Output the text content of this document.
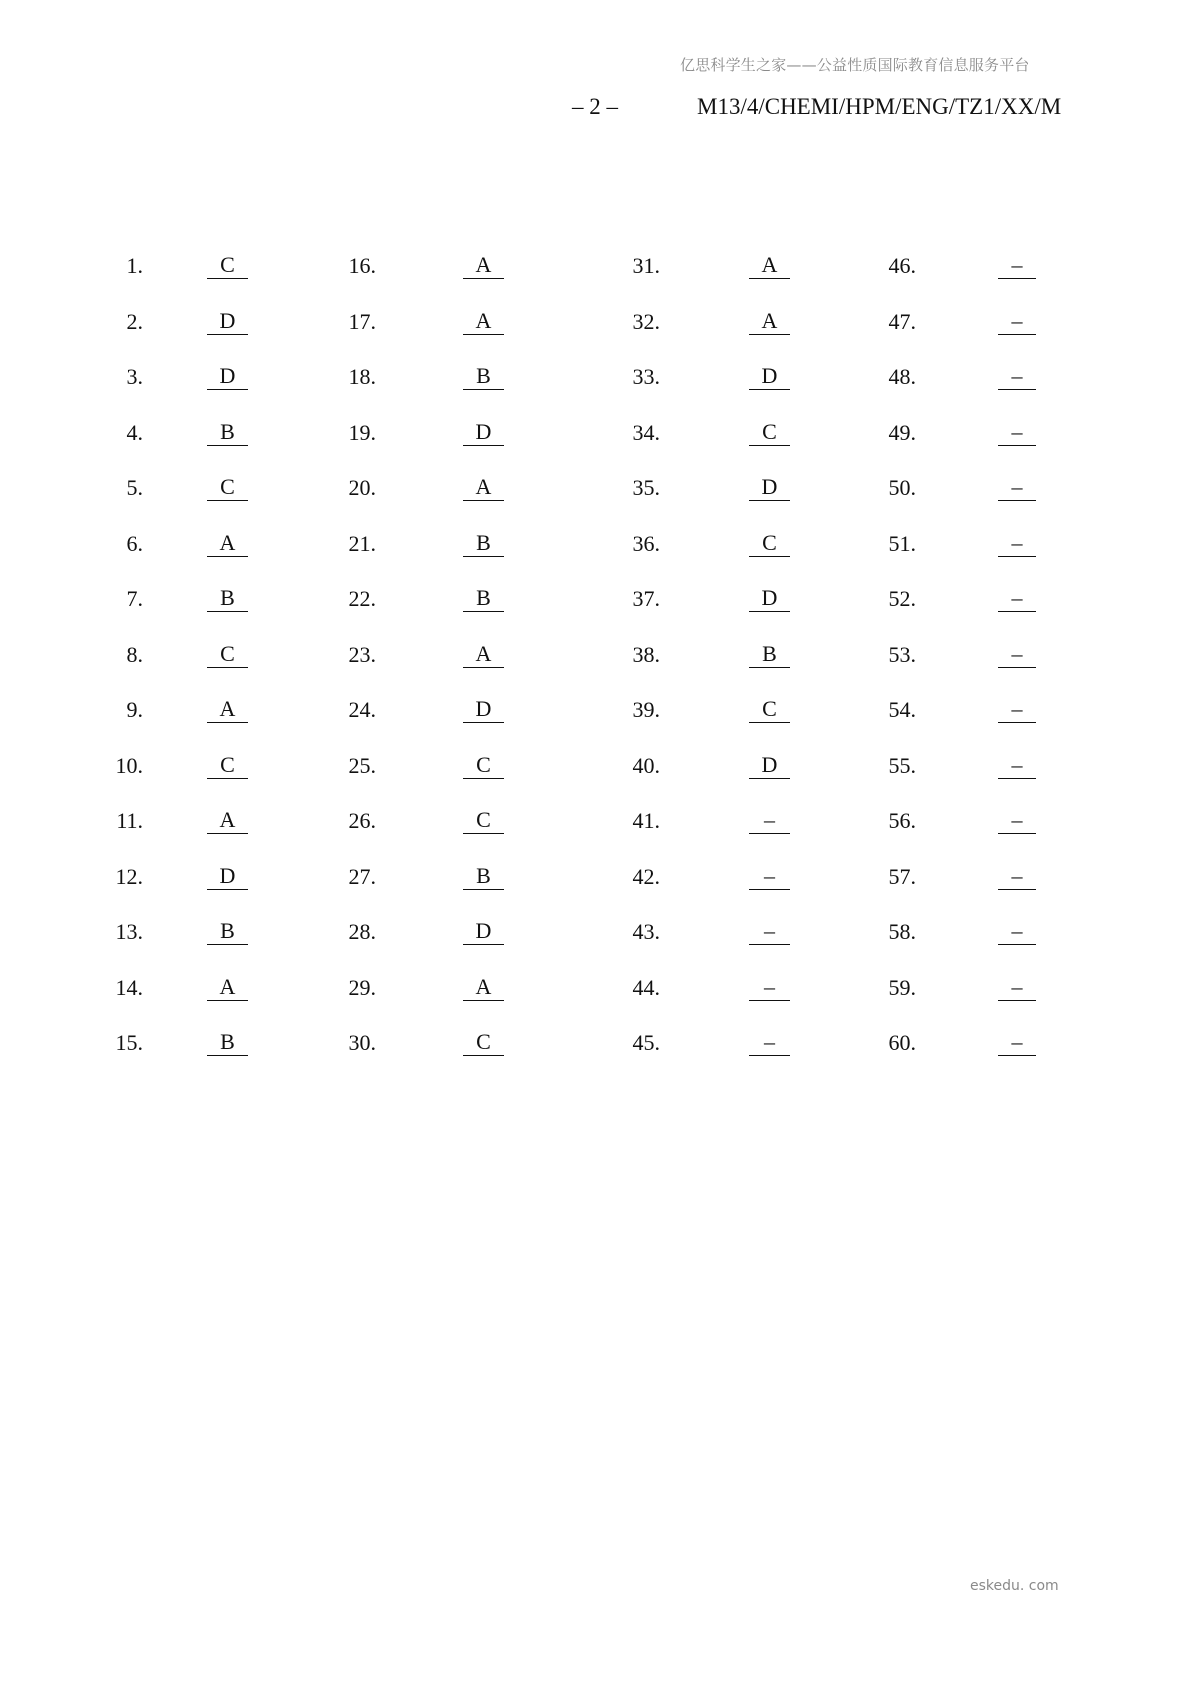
亿思科学生之家——公益性质国际教育信息服务平台
– 2 –	M13/4/CHEMI/HPM/ENG/TZ1/XX/M
1.	C	16.	A	31.	A	46.	–
2.	D	17.	A	32.	A	47.	–
3.	D	18.	B	33.	D	48.	–
4.	B	19.	D	34.	C	49.	–
5.	C	20.	A	35.	D	50.	–
6.	A	21.	B	36.	C	51.	–
7.	B	22.	B	37.	D	52.	–
8.	C	23.	A	38.	B	53.	–
9.	A	24.	D	39.	C	54.	–
10.	C	25.	C	40.	D	55.	–
11.	A	26.	C	41.	–	56.	–
12.	D	27.	B	42.	–	57.	–
13.	B	28.	D	43.	–	58.	–
14.	A	29.	A	44.	–	59.	–
15.	B	30.	C	45.	–	60.	–
eskedu. com
